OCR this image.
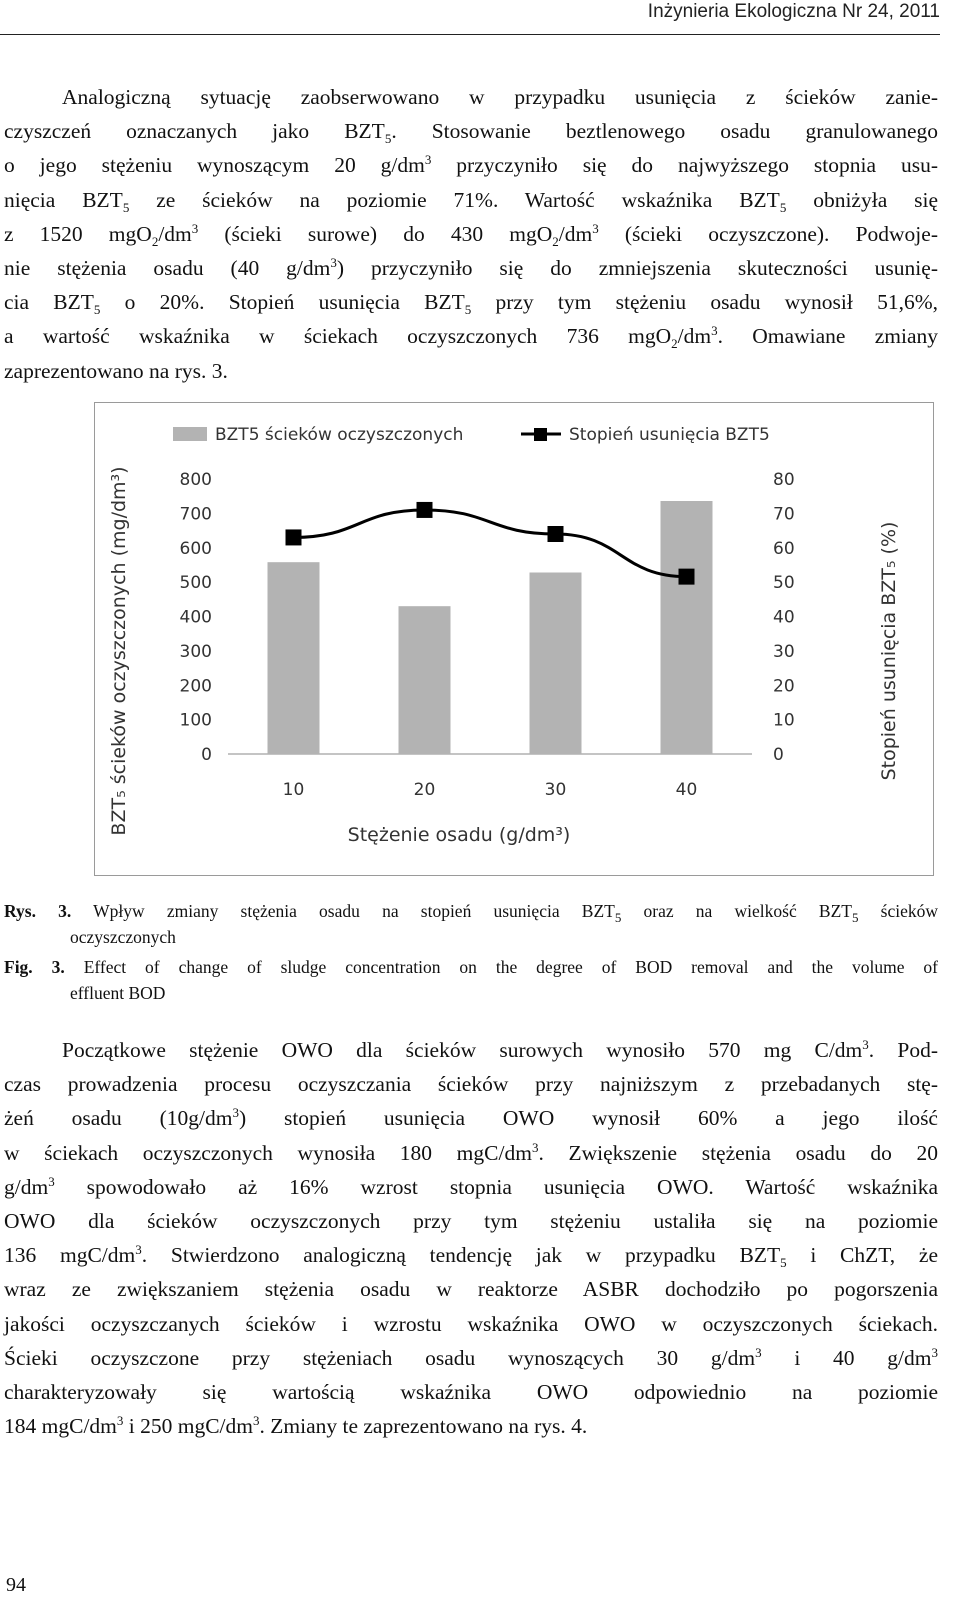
Inżynieria Ekologiczna Nr 24, 2011

Analogiczną sytuację zaobserwowano w przypadku usunięcia z ścieków zanie-

czyszczeń oznaczanych jako $BZT_5$. Stosowanie beztlenowego osadu granulowanego

o jego stężeniu wynoszącym 20 $g/dm^3$ przyczyniło się do najwyższego stopnia usu-

nięcia $BZT_5$ ze ścieków na poziomie 71%. Wartość wskaźnika $BZT_5$ obniżyła się

z 1520 $mgO_2/dm^3$ (ścieki surowe) do 430 $mgO_2/dm^3$ (ścieki oczyszczone). Podwoje-

nie stężenia osadu (40 $g/dm^3$) przyczyniło się do zmniejszenia skuteczności usunię-

cia $BZT_5$ o 20%. Stopień usunięcia $BZT_5$ przy tym stężeniu osadu wynosił 51,6%,

a wartość wskaźnika w ściekach oczyszczonych 736 $mgO_2/dm^3$. Omawiane zmiany

zaprezentowano na rys. 3.

BZT5 ścieków oczyszczonych	Stopień usunięcia BZT5
0
100
200
300
400
500
600
700
800
0
10
20
30
40
50
60
70
80
10	20	30	40
Stężenie osadu (g/dm³)
BZT₅ ścieków oczyszczonych (mg/dm³)	Stopień usunięcia BZT₅ (%)
Rys. 3. Wpływ zmiany stężenia osadu na stopień usunięcia $BZT_5$ oraz na wielkość $BZT_5$ ścieków
oczyszczonych
Fig. 3. Effect of change of sludge concentration on the degree of BOD removal and the volume of
effluent BOD

Początkowe stężenie OWO dla ścieków surowych wynosiło 570 mg $C/dm^3$. Pod-

czas prowadzenia procesu oczyszczania ścieków przy najniższym z przebadanych stę-

żeń osadu $(10g/dm^3)$ stopień usunięcia OWO wynosił 60% a jego ilość

w ściekach oczyszczonych wynosiła 180 mgC/$dm^3$. Zwiększenie stężenia osadu do 20

$g/dm^3$ spowodowało aż 16% wzrost stopnia usunięcia OWO. Wartość wskaźnika

OWO dla ścieków oczyszczonych przy tym stężeniu ustaliła się na poziomie

136 mgC/$dm^3$. Stwierdzono analogiczną tendencję jak w przypadku $BZT_5$ i ChZT, że

wraz ze zwiększaniem stężenia osadu w reaktorze ASBR dochodziło po pogorszenia

jakości oczyszczanych ścieków i wzrostu wskaźnika OWO w oczyszczonych ściekach.

Ścieki oczyszczone przy stężeniach osadu wynoszących 30 $g/dm^3$ i 40 $g/dm^3$

charakteryzowały się wartością wskaźnika OWO odpowiednio na poziomie

184 mgC/$dm^3$ i 250 mgC/$dm^3$. Zmiany te zaprezentowano na rys. 4.

94
